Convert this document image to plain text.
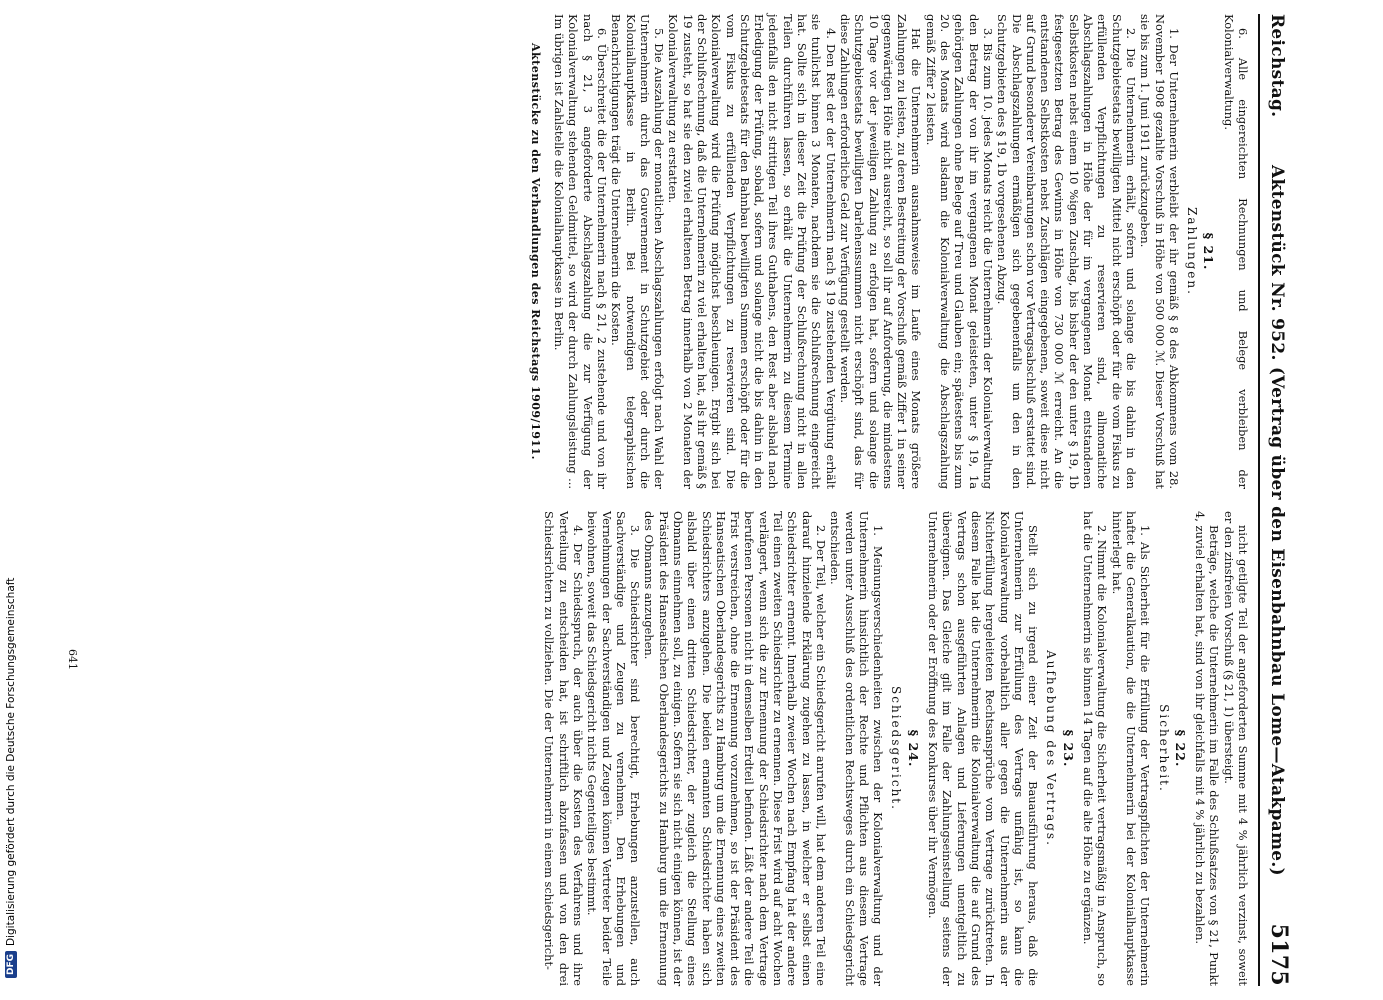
Reichstag.
Aktenstück Nr. 952. (Vertrag über den Eisenbahnbau Lome—Atakpame.)
5175

6. Alle eingereichten Rechnungen und Belege verbleiben der Kolonialverwaltung.

§ 21.
Zahlungen.

1. Der Unternehmerin verbleibt der ihr gemäß § 8 des Abkommens vom 28. November 1908 gezahlte Vorschuß in Höhe von 500 000 ℳ. Dieser Vorschuß hat sie bis zum 1. Juni 1911 zurückzugeben.

2. Die Unternehmerin erhält, sofern und solange die bis dahin in den Schutzgebietsetats bewilligten Mittel nicht erschöpft oder für die vom Fiskus zu erfüllenden Verpflichtungen zu reservieren sind, allmonatliche Abschlagszahlungen in Höhe der für im vergangenen Monat entstandenen Selbstkosten nebst einem 10 %igen Zuschlag, bis bisher der den unter § 19, 1b festgesetzten Betrag des Gewinns in Höhe von 730 000 ℳ erreicht. An die entstandenen Selbstkosten nebst Zuschlägen eingegebenen, soweit diese nicht auf Grund besonderer Vereinbarungen schon vor Vertragsabschluß erstattet sind. Die Abschlagszahlungen ermäßigen sich gegebenenfalls um den in den Schutzgebieten des § 19, 1b vorgesehenen Abzug.

3. Bis zum 10. jedes Monats reicht die Unternehmerin der Kolonialverwaltung den Betrag der von ihr im vergangenen Monat geleisteten, unter § 19, 1a gehörigen Zahlungen ohne Belege auf Treu und Glauben ein; spätestens bis zum 20. des Monats wird alsdann die Kolonialverwaltung die Abschlagszahlung gemäß Ziffer 2 leisten.

Hat die Unternehmerin ausnahmsweise im Laufe eines Monats größere Zahlungen zu leisten, zu deren Bestreitung der Vorschuß gemäß Ziffer 1 in seiner gegenwärtigen Höhe nicht ausreicht, so soll ihr auf Anforderung, die mindestens 10 Tage vor der jeweiligen Zahlung zu erfolgen hat, sofern und solange die Schutzgebietsetats bewilligten Darlehenssummen nicht erschöpft sind, das für diese Zahlungen erforderliche Geld zur Verfügung gestellt werden.

4. Den Rest der der Unternehmerin nach § 19 zustehenden Vergütung erhält sie tunlichst binnen 3 Monaten, nachdem sie die Schlußrechnung eingereicht hat. Sollte sich in dieser Zeit die Prüfung der Schlußrechnung nicht in allen Teilen durchführen lassen, so erhält die Unternehmerin zu diesem Termine jedenfalls den nicht strittigen Teil ihres Guthabens, den Rest aber alsbald nach Erledigung der Prüfung, sobald, sofern und solange nicht die bis dahin in den Schutzgebietsetats für den Bahnbau bewilligten Summen erschöpft oder für die vom Fiskus zu erfüllenden Verpflichtungen zu reservieren sind. Die Kolonialverwaltung wird die Prüfung möglichst beschleunigen. Ergibt sich bei der Schlußrechnung, daß die Unternehmerin zu viel erhalten hat, als ihr gemäß § 19 zusteht, so hat sie den zuviel erhaltenen Betrag innerhalb von 2 Monaten der Kolonialverwaltung zu erstatten.

5. Die Auszahlung der monatlichen Abschlagszahlungen erfolgt nach Wahl der Unternehmerin durch das Gouvernement in Schutzgebiet oder durch die Kolonialhauptkasse in Berlin. Bei notwendigen telegraphischen Benachrichtigungen trägt die Unternehmerin die Kosten.

6. Überschreitet die der Unternehmerin nach § 21, 2 zustehende und von ihr nach § 21, 3 angeforderte Abschlagszahlung die zur Verfügung der Kolonialverwaltung stehenden Geldmittel, so wird der durch Zahlungsleistung ... Im übrigen ist Zahlstelle die Kolonialhauptkasse in Berlin.

Aktenstücke zu den Verhandlungen des Reichstags 1909/1911.

nicht getilgte Teil der angeforderten Summe mit 4 % jährlich verzinst, soweit er den zinsfreien Vorschuß (§ 21, 1) übersteigt.

Beträge, welche die Unternehmerin im Falle des Schlußsatzes von § 21, Punkt 4, zuviel erhalten hat, sind von ihr gleichfalls mit 4 % jährlich zu bezahlen.

§ 22.
Sicherheit.

1. Als Sicherheit für die Erfüllung der Vertragspflichten der Unternehmerin haftet die Generalkaution, die die Unternehmerin bei der Kolonialhauptkasse hinterlegt hat.

2. Nimmt die Kolonialverwaltung die Sicherheit vertragsmäßig in Anspruch, so hat die Unternehmerin sie binnen 14 Tagen auf die alte Höhe zu ergänzen.

§ 23.
Aufhebung des Vertrags.

Stellt sich zu irgend einer Zeit der Bauausführung heraus, daß die Unternehmerin zur Erfüllung des Vertrags unfähig ist, so kann die Kolonialverwaltung vorbehaltlich aller gegen die Unternehmerin aus der Nichterfüllung hergeleiteten Rechtsansprüche vom Vertrage zurücktreten. In diesem Falle hat die Unternehmerin die Kolonialverwaltung die auf Grund des Vertrags schon ausgeführten Anlagen und Lieferungen unentgeltlich zu übereignen. Das Gleiche gilt im Falle der Zahlungseinstellung seitens der Unternehmerin oder der Eröffnung des Konkurses über ihr Vermögen.

§ 24.
Schiedsgericht.

1. Meinungsverschiedenheiten zwischen der Kolonialverwaltung und der Unternehmerin hinsichtlich der Rechte und Pflichten aus diesem Vertrage werden unter Ausschluß des ordentlichen Rechtsweges durch ein Schiedsgericht entschieden.

2. Der Teil, welcher ein Schiedsgericht anrufen will, hat dem anderen Teil eine darauf hinzielende Erklärung zugehen zu lassen, in welcher er selbst einen Schiedsrichter ernennt. Innerhalb zweier Wochen nach Empfang hat der andere Teil einen zweiten Schiedsrichter zu ernennen. Diese Frist wird auf acht Wochen verlängert, wenn sich die zur Ernennung der Schiedsrichter nach dem Vertrage berufenen Personen nicht in demselben Erdteil befinden. Läßt der andere Teil die Frist verstreichen, ohne die Ernennung vorzunehmen, so ist der Präsident des Hanseatischen Oberlandesgerichts zu Hamburg um die Ernennung eines zweiten Schiedsrichters anzugehen. Die beiden ernannten Schiedsrichter haben sich alsbald über einen dritten Schiedsrichter, der zugleich die Stellung eines Obmanns einnehmen soll, zu einigen. Sofern sie sich nicht einigen können, ist der Präsident des Hanseatischen Oberlandesgerichts zu Hamburg um die Ernennung des Obmanns anzugehen.

3. Die Schiedsrichter sind berechtigt, Erhebungen anzustellen, auch Sachverständige und Zeugen zu vernehmen. Den Erhebungen und Vernehmungen der Sachverständigen und Zeugen können Vertreter beider Teile beiwohnen, soweit das Schiedsgericht nichts Gegenteiliges bestimmt.

4. Der Schiedsspruch, der auch über die Kosten des Verfahrens und ihre Verteilung zu entscheiden hat, ist schriftlich abzufassen und von den drei Schiedsrichtern zu vollziehen. Die der Unternehmerin in einem schiedsgericht-

641
DFG
Digitalisierung gefördert durch die Deutsche Forschungsgemeinschaft
